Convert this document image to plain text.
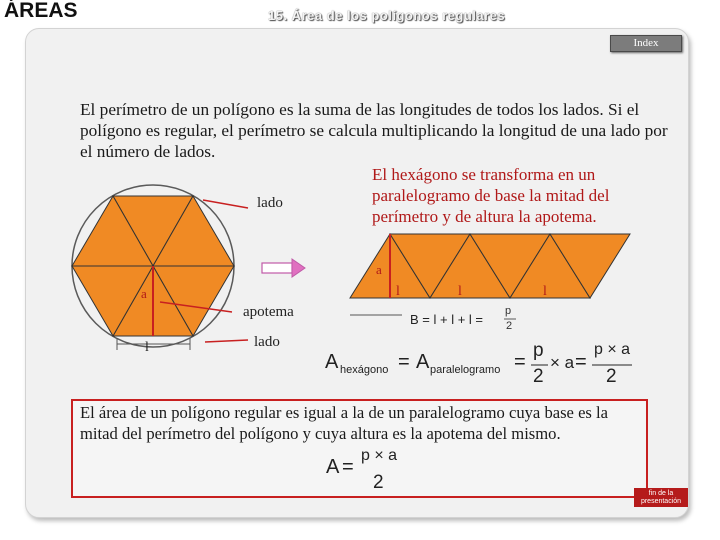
ÁREAS	15. Área de los polígonos regulares
Index
El perímetro de un polígono es la suma de las longitudes de todos los lados. Si el polígono es regular, el perímetro se calcula multiplicando la longitud de una lado por el número de lados.
El hexágono se transforma en un paralelogramo de base la mitad del perímetro y de altura la apotema.
lado
apotema
lado
a
l
a
l	l	l
B = l + l + l =
p
2
A hexágono = A paralelogramo =
p
2
× a =
p × a
2
El área de un polígono regular es igual a la de un paralelogramo cuya base es la mitad del perímetro del polígono y cuya altura es la apotema del mismo.
A =
p × a
2
fin de la
presentación
